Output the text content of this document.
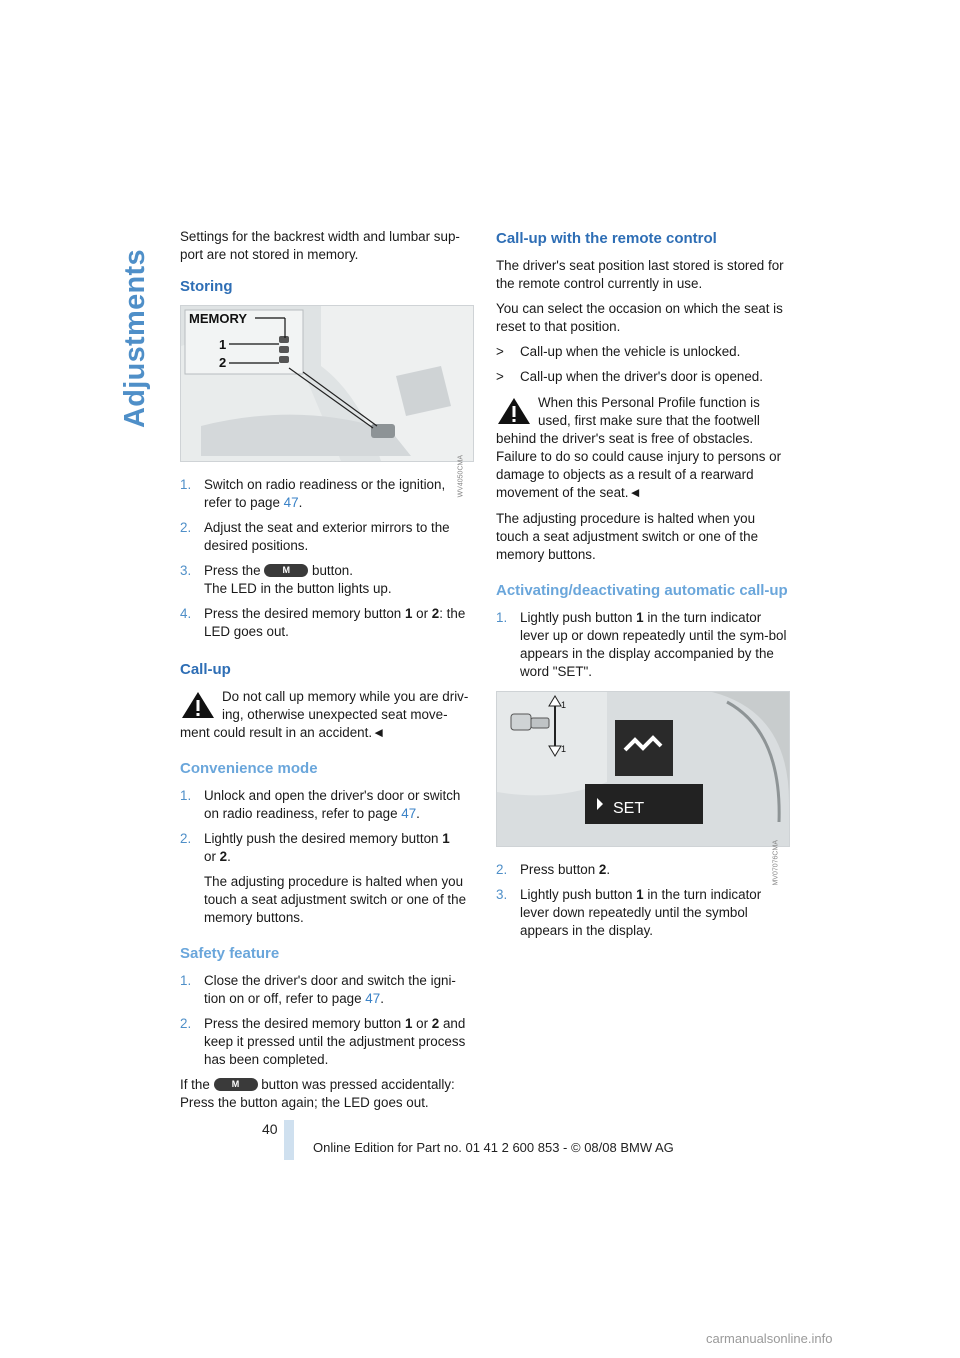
Adjustments

Settings for the backrest width and lumbar sup-port are not stored in memory.

Storing
MEMORY
1
2
WV4050CMA
1. Switch on radio readiness or the ignition, refer to page 47.
2. Adjust the seat and exterior mirrors to the desired positions.
3. Press the	M	button.
The LED in the button lights up.
4. Press the desired memory button 1 or 2: the LED goes out.
Call-up
Do not call up memory while you are driv-ing, otherwise unexpected seat move-ment could result in an accident.◄
Convenience mode
1. Unlock and open the driver's door or switch on radio readiness, refer to page 47.
2. Lightly push the desired memory button 1
or 2.
The adjusting procedure is halted when you touch a seat adjustment switch or one of the memory buttons.
Safety feature
1. Close the driver's door and switch the igni-tion on or off, refer to page 47.
2. Press the desired memory button 1 or 2 and keep it pressed until the adjustment process has been completed.

If the	M	button was pressed accidentally: Press the button again; the LED goes out.

Call-up with the remote control

The driver's seat position last stored is stored for the remote control currently in use.

You can select the occasion on which the seat is reset to that position.

> Call-up when the vehicle is unlocked.
> Call-up when the driver's door is opened.
When this Personal Profile function is used, first make sure that the footwell behind the driver's seat is free of obstacles. Failure to do so could cause injury to persons or damage to objects as a result of a rearward movement of the seat.◄

The adjusting procedure is halted when you touch a seat adjustment switch or one of the memory buttons.

Activating/deactivating automatic call-up
1. Lightly push button 1 in the turn indicator lever up or down repeatedly until the sym-bol appears in the display accompanied by the word "SET".
1
1
SET
MV07076CMA
2. Press button 2.
3. Lightly push button 1 in the turn indicator lever down repeatedly until the symbol appears in the display.
40
Online Edition for Part no. 01 41 2 600 853 - © 08/08 BMW AG
carmanualsonline.info
